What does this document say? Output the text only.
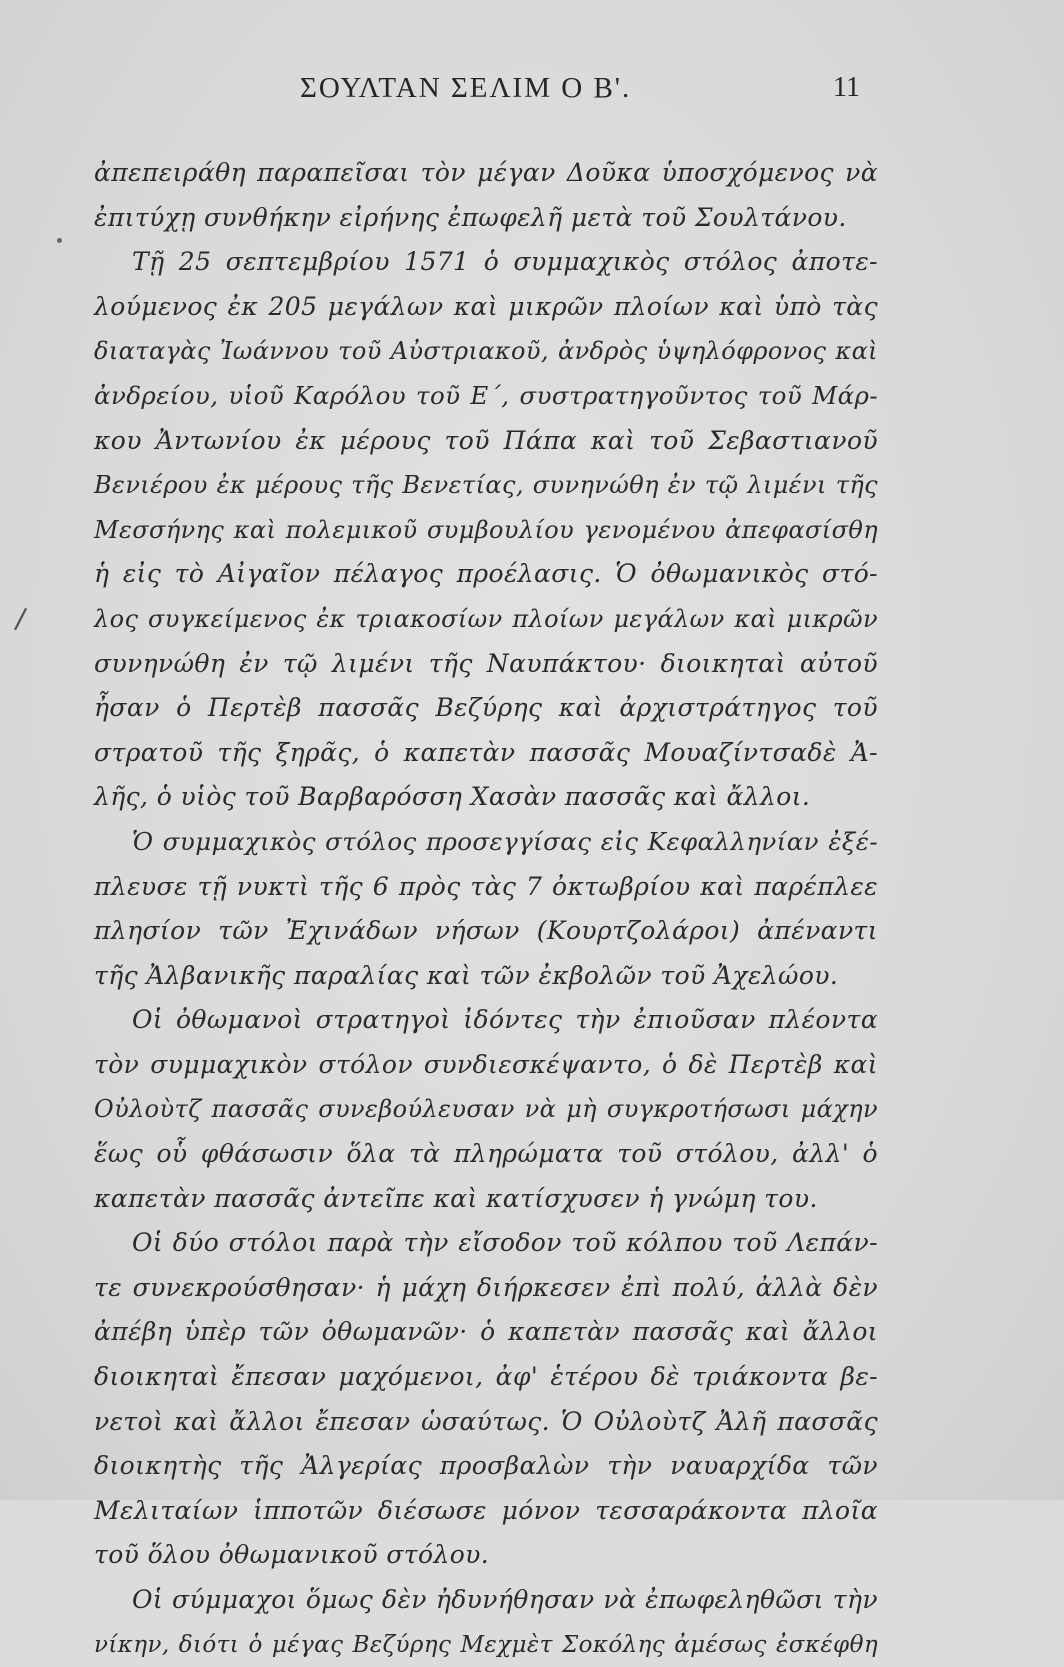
ΣΟΥΛΤΑΝ ΣΕΛΙΜ Ο Β'.	11
/
ἀπεπειράθη παραπεῖσαι τὸν μέγαν Δοῦκα ὑποσχόμενος νὰ
ἐπιτύχῃ συνθήκην εἰρήνης ἐπωφελῆ μετὰ τοῦ Σουλτάνου.
Τῇ 25 σεπτεμβρίου 1571 ὁ συμμαχικὸς στόλος ἀποτε-
λούμενος ἐκ 205 μεγάλων καὶ μικρῶν πλοίων καὶ ὑπὸ τὰς
διαταγὰς Ἰωάννου τοῦ Αὐστριακοῦ, ἀνδρὸς ὑψηλόφρονος καὶ
ἀνδρείου, υἱοῦ Καρόλου τοῦ Ε΄, συστρατηγοῦντος τοῦ Μάρ-
κου Ἀντωνίου ἐκ μέρους τοῦ Πάπα καὶ τοῦ Σεβαστιανοῦ
Βενιέρου ἐκ μέρους τῆς Βενετίας, συνηνώθη ἐν τῷ λιμένι τῆς
Μεσσήνης καὶ πολεμικοῦ συμβουλίου γενομένου ἀπεφασίσθη
ἡ εἰς τὸ Αἰγαῖον πέλαγος προέλασις. Ὁ ὀθωμανικὸς στό-
λος συγκείμενος ἐκ τριακοσίων πλοίων μεγάλων καὶ μικρῶν
συνηνώθη ἐν τῷ λιμένι τῆς Ναυπάκτου· διοικηταὶ αὐτοῦ
ἦσαν ὁ Περτὲβ πασσᾶς Βεζύρης καὶ ἀρχιστράτηγος τοῦ
στρατοῦ τῆς ξηρᾶς, ὁ καπετὰν πασσᾶς Μουαζίντσαδὲ Ἀ-
λῆς, ὁ υἱὸς τοῦ Βαρβαρόσση Χασὰν πασσᾶς καὶ ἄλλοι.
Ὁ συμμαχικὸς στόλος προσεγγίσας εἰς Κεφαλληνίαν ἐξέ-
πλευσε τῇ νυκτὶ τῆς 6 πρὸς τὰς 7 ὀκτωβρίου καὶ παρέπλεε
πλησίον τῶν Ἐχινάδων νήσων (Κουρτζολάροι) ἀπέναντι
τῆς Ἀλβανικῆς παραλίας καὶ τῶν ἐκβολῶν τοῦ Ἀχελώου.
Οἱ ὀθωμανοὶ στρατηγοὶ ἰδόντες τὴν ἐπιοῦσαν πλέοντα
τὸν συμμαχικὸν στόλον συνδιεσκέψαντο, ὁ δὲ Περτὲβ καὶ
Οὐλοὺτζ πασσᾶς συνεβούλευσαν νὰ μὴ συγκροτήσωσι μάχην
ἕως οὗ φθάσωσιν ὅλα τὰ πληρώματα τοῦ στόλου, ἀλλ' ὁ
καπετὰν πασσᾶς ἀντεῖπε καὶ κατίσχυσεν ἡ γνώμη του.
Οἱ δύο στόλοι παρὰ τὴν εἴσοδον τοῦ κόλπου τοῦ Λεπάν-
τε συνεκρούσθησαν· ἡ μάχη διήρκεσεν ἐπὶ πολύ, ἀλλὰ δὲν
ἀπέβη ὑπὲρ τῶν ὀθωμανῶν· ὁ καπετὰν πασσᾶς καὶ ἄλλοι
διοικηταὶ ἔπεσαν μαχόμενοι, ἀφ' ἑτέρου δὲ τριάκοντα βε-
νετοὶ καὶ ἄλλοι ἔπεσαν ὡσαύτως. Ὁ Οὐλοὺτζ Ἀλῆ πασσᾶς
διοικητὴς τῆς Ἀλγερίας προσβαλὼν τὴν ναυαρχίδα τῶν
Μελιταίων ἱπποτῶν διέσωσε μόνον τεσσαράκοντα πλοῖα
τοῦ ὅλου ὀθωμανικοῦ στόλου.
Οἱ σύμμαχοι ὅμως δὲν ἠδυνήθησαν νὰ ἐπωφεληθῶσι τὴν
νίκην, διότι ὁ μέγας Βεζύρης Μεχμὲτ Σοκόλης ἀμέσως ἐσκέφθη
